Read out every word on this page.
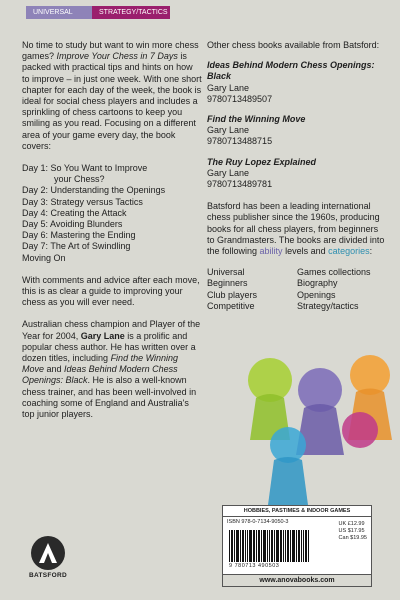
UNIVERSAL	STRATEGY/TACTICS

No time to study but want to win more chess games? Improve Your Chess in 7 Days is packed with practical tips and hints on how to improve – in just one week. With one short chapter for each day of the week, the book is ideal for social chess players and includes a sprinkling of chess cartoons to keep you smiling as you read. Focusing on a different area of your game every day, the book covers:

Day 1: So You Want to Improve
your Chess?
Day 2: Understanding the Openings
Day 3: Strategy versus Tactics
Day 4: Creating the Attack
Day 5: Avoiding Blunders
Day 6: Mastering the Ending
Day 7: The Art of Swindling
Moving On

With comments and advice after each move, this is as clear a guide to improving your chess as you will ever need.

Australian chess champion and Player of the Year for 2004, Gary Lane is a prolific and popular chess author. He has written over a dozen titles, including Find the Winning Move and Ideas Behind Modern Chess Openings: Black. He is also a well-known chess trainer, and has been well-involved in coaching some of England and Australia's top junior players.

Other chess books available from Batsford:

Ideas Behind Modern Chess Openings: Black
Gary Lane
9780713489507
Find the Winning Move
Gary Lane
9780713488715
The Ruy Lopez Explained
Gary Lane
9780713489781

Batsford has been a leading international chess publisher since the 1960s, producing books for all chess players, from beginners to Grandmasters. The books are divided into the following ability levels and categories:

Universal
Beginners
Club players
Competitive
Games collections
Biography
Openings
Strategy/tactics
HOBBIES, PASTIMES & INDOOR GAMES
ISBN 978-0-7134-9050-3	UK £12.99
US $17.95
Can $19.95
9 780713 490503
www.anovabooks.com
BATSFORD
